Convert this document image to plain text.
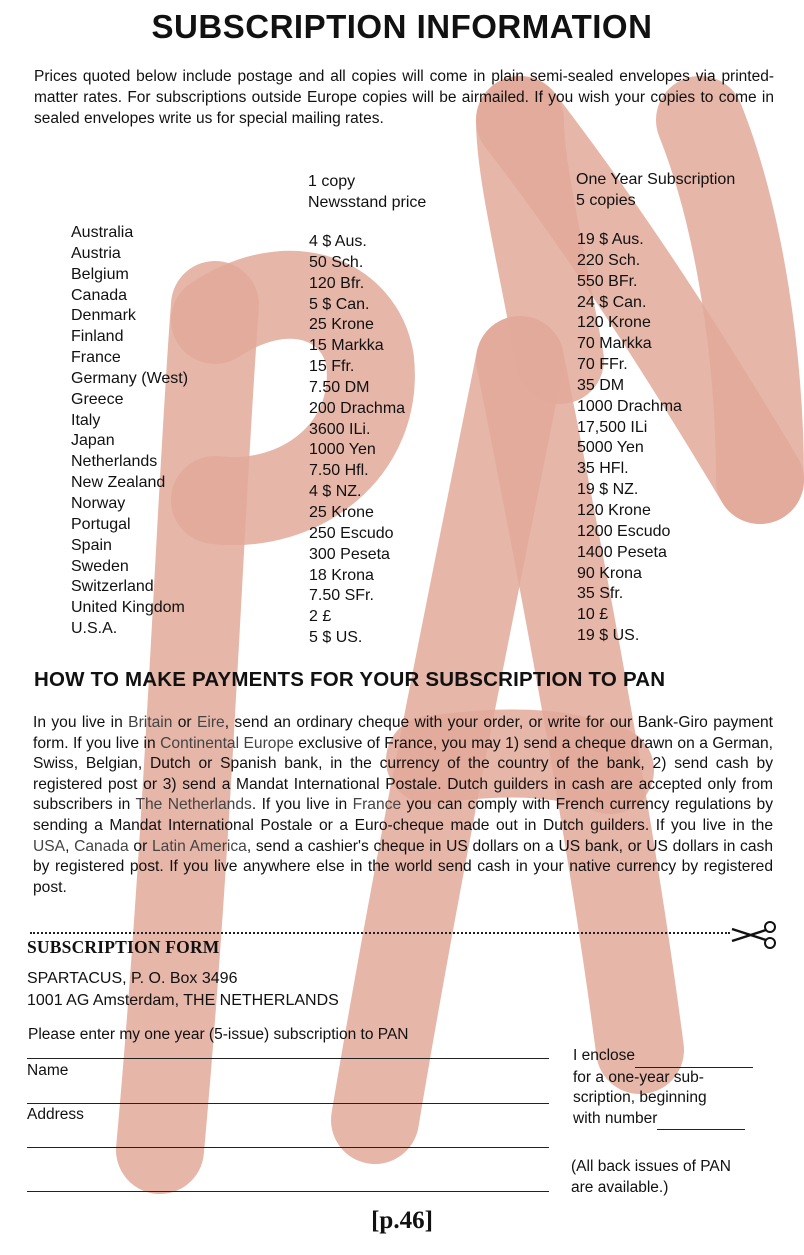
SUBSCRIPTION INFORMATION

Prices quoted below include postage and all copies will come in plain semi-sealed envelopes via printed-matter rates. For subscriptions outside Europe copies will be airmailed. If you wish your copies to come in sealed envelopes write us for special mailing rates.

1 copy
Newsstand price
One Year Subscription
5 copies
Australia
Austria
Belgium
Canada
Denmark
Finland
France
Germany (West)
Greece
Italy
Japan
Netherlands
New Zealand
Norway
Portugal
Spain
Sweden
Switzerland
United Kingdom
U.S.A.
4 $ Aus.
50 Sch.
120 Bfr.
5 $ Can.
25 Krone
15 Markka
15 Ffr.
7.50 DM
200 Drachma
3600 ILi.
1000 Yen
7.50 Hfl.
4 $ NZ.
25 Krone
250 Escudo
300 Peseta
18 Krona
7.50 SFr.
2 £
5 $ US.
19 $ Aus.
220 Sch.
550 BFr.
24 $ Can.
120 Krone
70 Markka
70 FFr.
35 DM
1000 Drachma
17,500 ILi
5000 Yen
35 HFl.
19 $ NZ.
120 Krone
1200 Escudo
1400 Peseta
90 Krona
35 Sfr.
10 £
19 $ US.
HOW TO MAKE PAYMENTS FOR YOUR SUBSCRIPTION TO PAN

In you live in Britain or Eire, send an ordinary cheque with your order, or write for our Bank-Giro payment form. If you live in Continental Europe exclusive of France, you may 1) send a cheque drawn on a German, Swiss, Belgian, Dutch or Spanish bank, in the currency of the country of the bank, 2) send cash by registered post or 3) send a Mandat International Postale. Dutch guilders in cash are accepted only from subscribers in The Netherlands. If you live in France you can comply with French currency regulations by sending a Mandat International Postale or a Euro-cheque made out in Dutch guilders. If you live in the USA, Canada or Latin America, send a cashier's cheque in US dollars on a US bank, or US dollars in cash by registered post. If you live anywhere else in the world send cash in your native currency by registered post.

SUBSCRIPTION FORM
SPARTACUS, P. O. Box 3496
1001 AG Amsterdam, THE NETHERLANDS
Please enter my one year (5-issue) subscription to PAN
Name
Address
I enclose
for a one-year sub-
scription, beginning
with number
(All back issues of PAN
are available.)
[p.46]
